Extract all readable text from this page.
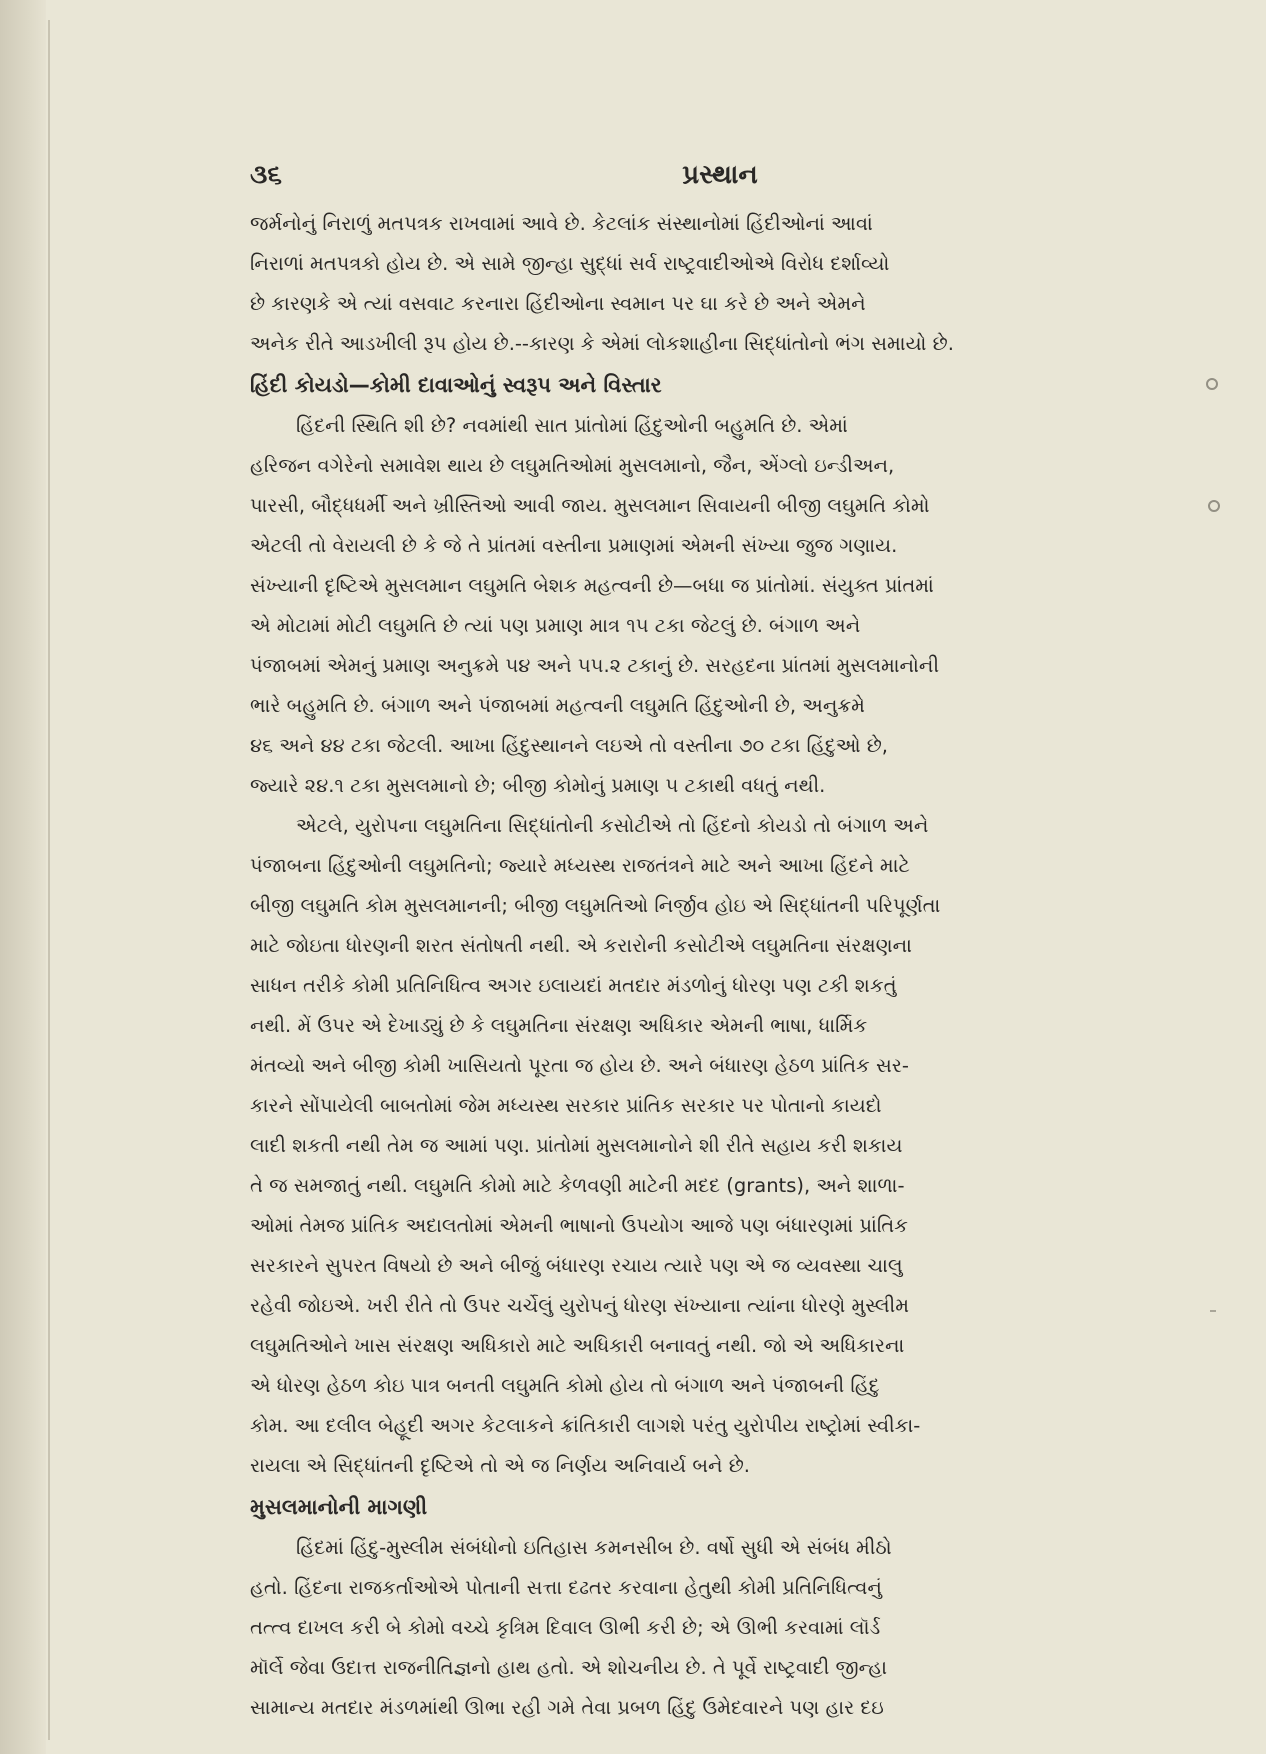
૩૬	પ્રસ્થાન

જર્મનોનું નિરાળું મતપત્રક રાખવામાં આવે છે. કેટલાંક સંસ્થાનોમાં હિંદીઓનાં આવાં

નિરાળાં મતપત્રકો હોય છે. એ સામે જીન્હા સુદ્ધાં સર્વ રાષ્ટ્રવાદીઓએ વિરોધ દર્શાવ્યો

છે કારણકે એ ત્યાં વસવાટ કરનારા હિંદીઓના સ્વમાન પર ઘા કરે છે અને એમને

અનેક રીતે આડખીલી રૂપ હોય છે.--કારણ કે એમાં લોકશાહીના સિદ્ધાંતોનો ભંગ સમાયો છે.

હિંદી કોયડો—કોમી દાવાઓનું સ્વરૂપ અને વિસ્તાર

હિંદની સ્થિતિ શી છે? નવમાંથી સાત પ્રાંતોમાં હિંદુઓની બહુમતિ છે. એમાં

હરિજન વગેરેનો સમાવેશ થાય છે લઘુમતિઓમાં મુસલમાનો, જૈન, એંગ્લો ઇન્ડીઅન,

પારસી, બૌદ્ધધર્મી અને ખ્રીસ્તિઓ આવી જાય. મુસલમાન સિવાયની બીજી લઘુમતિ કોમો

એટલી તો વેરાયલી છે કે જે તે પ્રાંતમાં વસ્તીના પ્રમાણમાં એમની સંખ્યા જુજ ગણાય.

સંખ્યાની દૃષ્ટિએ મુસલમાન લઘુમતિ બેશક મહત્વની છે—બધા જ પ્રાંતોમાં. સંયુક્ત પ્રાંતમાં

એ મોટામાં મોટી લઘુમતિ છે ત્યાં પણ પ્રમાણ માત્ર ૧૫ ટકા જેટલું છે. બંગાળ અને

પંજાબમાં એમનું પ્રમાણ અનુક્રમે ૫૪ અને ૫૫.૨ ટકાનું છે. સરહદના પ્રાંતમાં મુસલમાનોની

ભારે બહુમતિ છે. બંગાળ અને પંજાબમાં મહત્વની લઘુમતિ હિંદુઓની છે, અનુક્રમે

૪૬ અને ૪૪ ટકા જેટલી. આખા હિંદુસ્થાનને લઇએ તો વસ્તીના ૭૦ ટકા હિંદુઓ છે,

જ્યારે ૨૪.૧ ટકા મુસલમાનો છે; બીજી કોમોનું પ્રમાણ ૫ ટકાથી વધતું નથી.

એટલે, યુરોપના લઘુમતિના સિદ્ધાંતોની કસોટીએ તો હિંદનો કોયડો તો બંગાળ અને

પંજાબના હિંદુઓની લઘુમતિનો; જ્યારે મધ્યસ્થ રાજતંત્રને માટે અને આખા હિંદને માટે

બીજી લઘુમતિ કોમ મુસલમાનની; બીજી લઘુમતિઓ નિર્જીવ હોઇ એ સિદ્ધાંતની પરિપૂર્ણતા

માટે જોઇતા ધોરણની શરત સંતોષતી નથી. એ કરારોની કસોટીએ લઘુમતિના સંરક્ષણના

સાધન તરીકે કોમી પ્રતિનિધિત્વ અગર ઇલાયદાં મતદાર મંડળોનું ધોરણ પણ ટકી શકતું

નથી. મેં ઉપર એ દેખાડ્યું છે કે લઘુમતિના સંરક્ષણ અધિકાર એમની ભાષા, ધાર્મિક

મંતવ્યો અને બીજી કોમી ખાસિયતો પૂરતા જ હોય છે. અને બંધારણ હેઠળ પ્રાંતિક સર-

કારને સોંપાયેલી બાબતોમાં જેમ મધ્યસ્થ સરકાર પ્રાંતિક સરકાર પર પોતાનો કાયદો

લાદી શકતી નથી તેમ જ આમાં પણ. પ્રાંતોમાં મુસલમાનોને શી રીતે સહાય કરી શકાય

તે જ સમજાતું નથી. લઘુમતિ કોમો માટે કેળવણી માટેની મદદ (grants), અને શાળા-

ઓમાં તેમજ પ્રાંતિક અદાલતોમાં એમની ભાષાનો ઉપયોગ આજે પણ બંધારણમાં પ્રાંતિક

સરકારને સુપરત વિષયો છે અને બીજું બંધારણ રચાય ત્યારે પણ એ જ વ્યવસ્થા ચાલુ

રહેવી જોઇએ. ખરી રીતે તો ઉપર ચર્ચેલું યુરોપનું ધોરણ સંખ્યાના ત્યાંના ધોરણે મુસ્લીમ

લઘુમતિઓને ખાસ સંરક્ષણ અધિકારો માટે અધિકારી બનાવતું નથી. જો એ અધિકારના

એ ધોરણ હેઠળ કોઇ પાત્ર બનતી લઘુમતિ કોમો હોય તો બંગાળ અને પંજાબની હિંદુ

કોમ. આ દલીલ બેહૂદી અગર કેટલાકને ક્રાંતિકારી લાગશે પરંતુ યુરોપીય રાષ્ટ્રોમાં સ્વીકા-

રાયલા એ સિદ્ધાંતની દૃષ્ટિએ તો એ જ નિર્ણય અનિવાર્ય બને છે.

મુસલમાનોની માગણી

હિંદમાં હિંદુ-મુસ્લીમ સંબંધોનો ઇતિહાસ કમનસીબ છે. વર્ષો સુધી એ સંબંધ મીઠો

હતો. હિંદના રાજકર્તાઓએ પોતાની સત્તા દઢતર કરવાના હેતુથી કોમી પ્રતિનિધિત્વનું

તત્ત્વ દાખલ કરી બે કોમો વચ્ચે કૃત્રિમ દિવાલ ઊભી કરી છે; એ ઊભી કરવામાં લૉર્ડ

મૉર્લે જેવા ઉદાત્ત રાજનીતિજ્ઞનો હાથ હતો. એ શોચનીય છે. તે પૂર્વે રાષ્ટ્રવાદી જીન્હા

સામાન્ય મતદાર મંડળમાંથી ઊભા રહી ગમે તેવા પ્રબળ હિંદુ ઉમેદવારને પણ હાર દઇ
